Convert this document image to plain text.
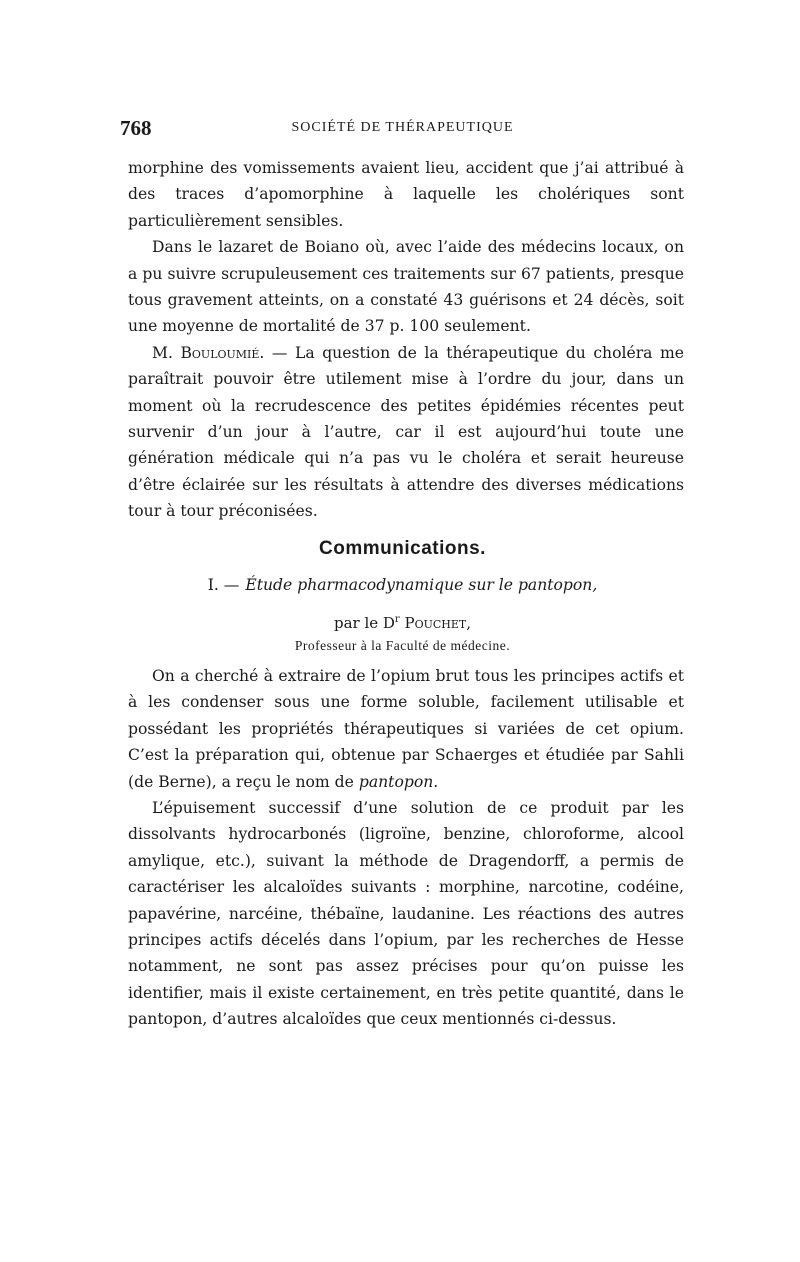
768	SOCIÉTÉ DE THÉRAPEUTIQUE

morphine des vomissements avaient lieu, accident que j’ai attribué à des traces d’apomorphine à laquelle les cholériques sont particulièrement sensibles.

Dans le lazaret de Boiano où, avec l’aide des médecins locaux, on a pu suivre scrupuleusement ces traitements sur 67 patients, presque tous gravement atteints, on a constaté 43 guérisons et 24 décès, soit une moyenne de mortalité de 37 p. 100 seulement.

M. Bouloumié. — La question de la thérapeutique du choléra me paraîtrait pouvoir être utilement mise à l’ordre du jour, dans un moment où la recrudescence des petites épidémies récentes peut survenir d’un jour à l’autre, car il est aujourd’hui toute une génération médicale qui n’a pas vu le choléra et serait heureuse d’être éclairée sur les résultats à attendre des diverses médications tour à tour préconisées.

Communications.
I. — Étude pharmacodynamique sur le pantopon,
par le $D^r$ Pouchet,
Professeur à la Faculté de médecine.

On a cherché à extraire de l’opium brut tous les principes actifs et à les condenser sous une forme soluble, facilement utilisable et possédant les propriétés thérapeutiques si variées de cet opium. C’est la préparation qui, obtenue par Schaerges et étudiée par Sahli (de Berne), a reçu le nom de pantopon.

L’épuisement successif d’une solution de ce produit par les dissolvants hydrocarbonés (ligroïne, benzine, chloroforme, alcool amylique, etc.), suivant la méthode de Dragendorff, a permis de caractériser les alcaloïdes suivants : morphine, narcotine, codéine, papavérine, narcéine, thébaïne, laudanine. Les réactions des autres principes actifs décelés dans l’opium, par les recherches de Hesse notamment, ne sont pas assez précises pour qu’on puisse les identifier, mais il existe certainement, en très petite quantité, dans le pantopon, d’autres alcaloïdes que ceux mentionnés ci-dessus.
